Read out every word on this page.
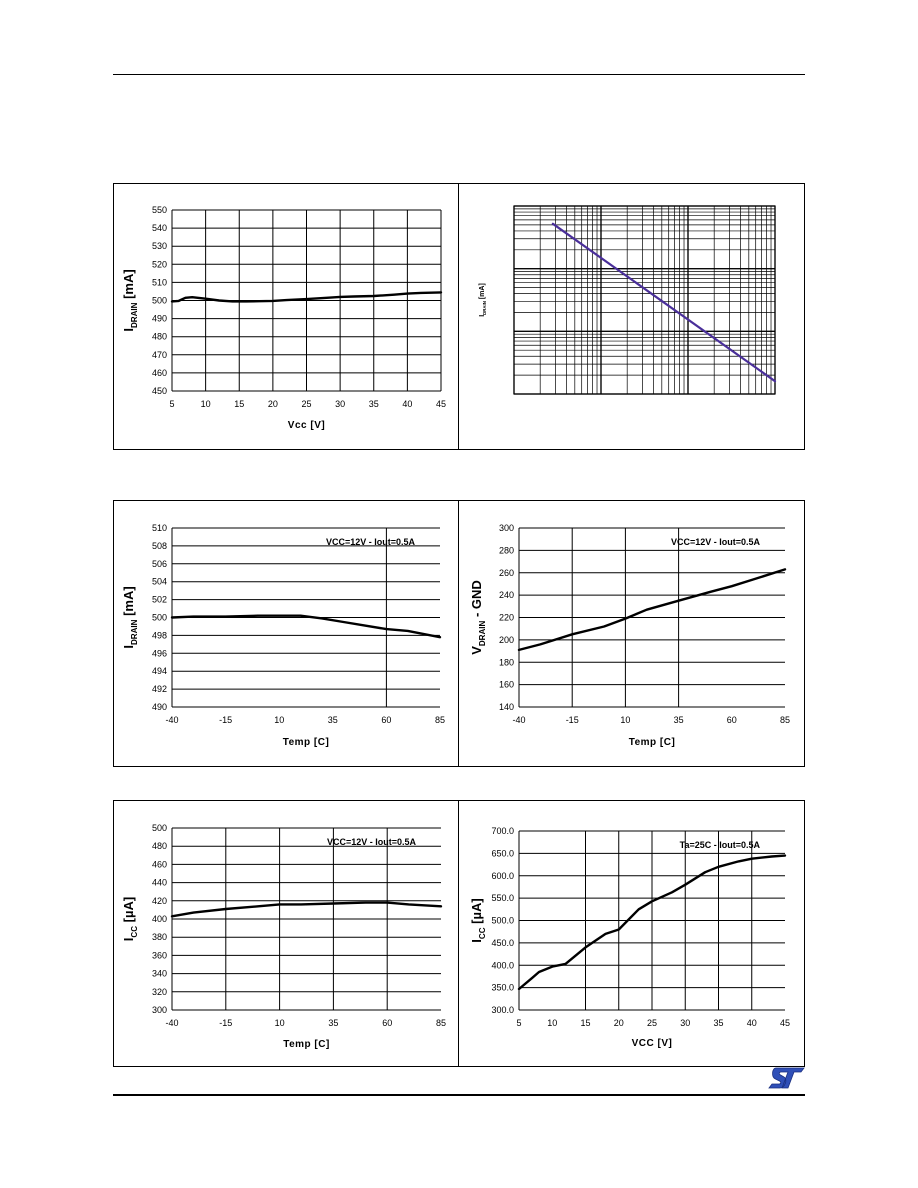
450
460
470
480
490
500
510
520
530
540
550
5	10	15	20	25	30	35	40	45
Vcc [V]
$I_{DRAIN}$ [mA]
$I_{DRAIN}$ [mA]
490
492
494
496
498
500
502
504
506
508
510
-40	-15	10	35	60	85
VCC=12V - Iout=0.5A
Temp [C]
$I_{DRAIN}$ [mA]
140
160
180
200
220
240
260
280
300
-40	-15	10	35	60	85
VCC=12V - Iout=0.5A
Temp [C]
$V_{DRAIN}$ - GND
300
320
340
360
380
400
420
440
460
480
500
-40	-15	10	35	60	85
VCC=12V - Iout=0.5A
Temp [C]
$I_{CC}$ [µA]
300.0
350.0
400.0
450.0
500.0
550.0
600.0
650.0
700.0
5	10	15	20	25	30	35	40	45
Ta=25C - Iout=0.5A
VCC [V]
$I_{CC}$ [µA]
